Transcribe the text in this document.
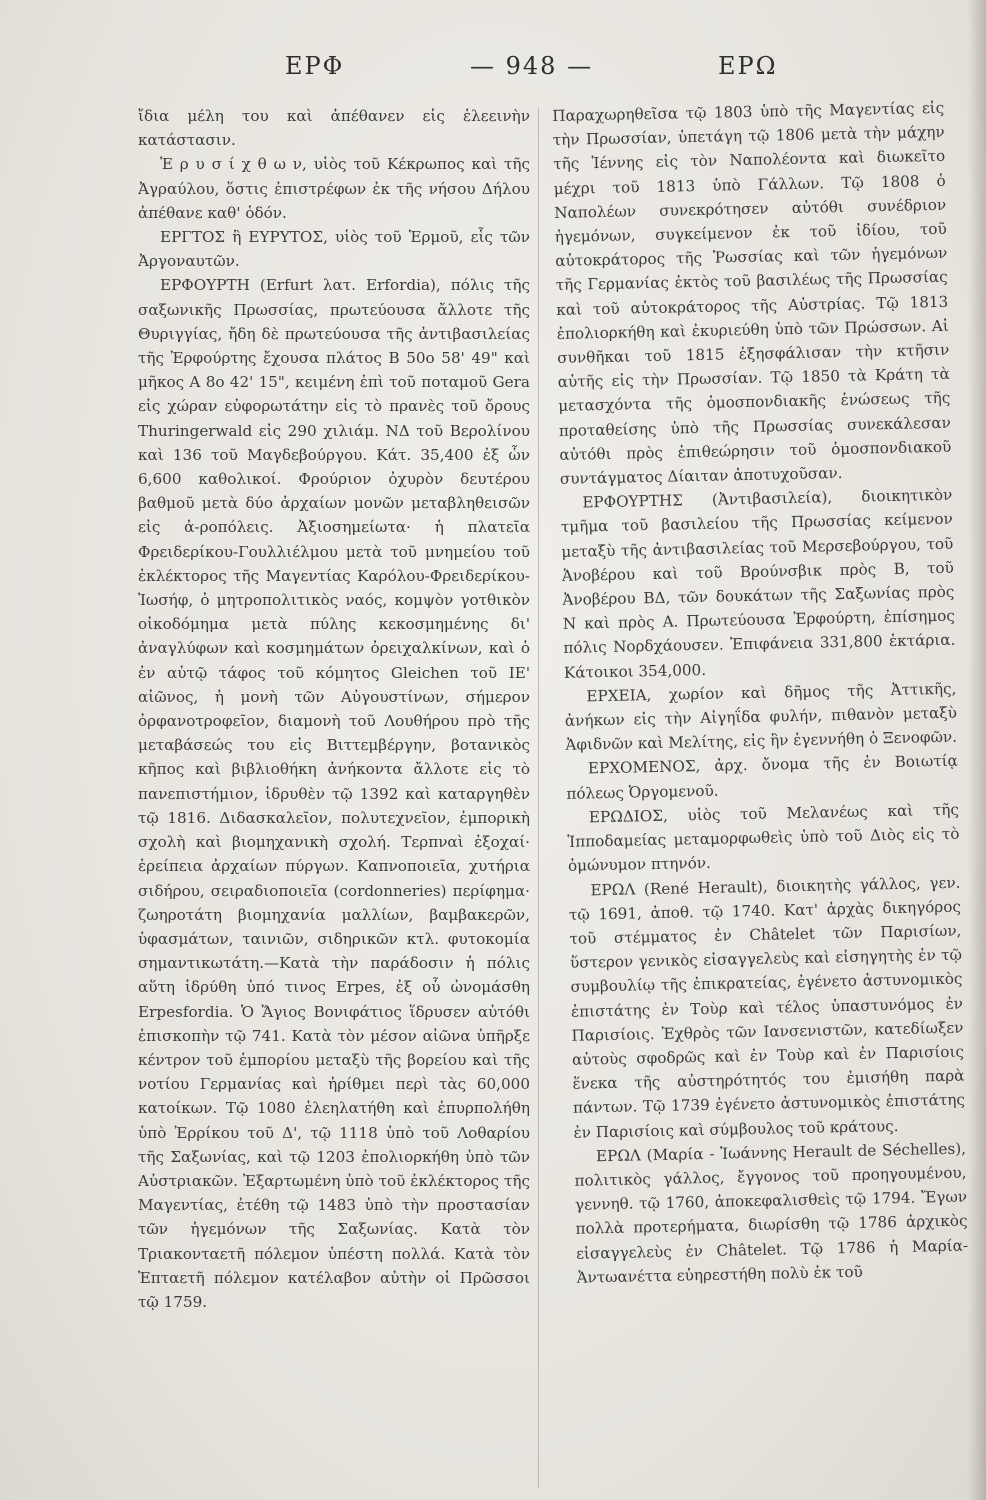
ΕΡΦ	— 948 —	ΕΡΩ

ἴδια μέλη του καὶ ἀπέθανεν εἰς ἐλεεινὴν κατάστασιν.

Ἐ ρ υ σ ί χ θ ω ν, υἱὸς τοῦ Κέκρωπος καὶ τῆς Ἀγραύλου, ὅστις ἐπιστρέφων ἐκ τῆς νήσου Δήλου ἀπέθανε καθ' ὁδόν.

ΕΡΓΤΟΣ ἢ ΕΥΡΥΤΟΣ, υἱὸς τοῦ Ἑρμοῦ, εἷς τῶν Ἀργοναυτῶν.

ΕΡΦΟΥΡΤΗ (Erfurt λατ. Erfordia), πόλις τῆς σαξωνικῆς Πρωσσίας, πρωτεύουσα ἄλλοτε τῆς Θυριγγίας, ἤδη δὲ πρωτεύουσα τῆς ἀντιβασιλείας τῆς Ἐρφούρτης ἔχουσα πλάτος Β 50ο 58' 49" καὶ μῆκος Α 8ο 42' 15", κειμένη ἐπὶ τοῦ ποταμοῦ Gera εἰς χώραν εὐφορωτάτην εἰς τὸ πρανὲς τοῦ ὄρους Thuringerwald εἰς 290 χιλιάμ. ΝΔ τοῦ Βερολίνου καὶ 136 τοῦ Μαγδεβούργου. Κάτ. 35,400 ἐξ ὧν 6,600 καθολικοί. Φρούριον ὀχυρὸν δευτέρου βαθμοῦ μετὰ δύο ἀρχαίων μονῶν μεταβληθεισῶν εἰς ἀ-ροπόλεις. Ἀξιοσημείωτα· ἡ πλατεῖα Φρειδερίκου-Γουλλιέλμου μετὰ τοῦ μνημείου τοῦ ἐκλέκτορος τῆς Μαγεντίας Καρόλου-Φρειδερίκου-Ἰωσήφ, ὁ μητροπολιτικὸς ναός, κομψὸν γοτθικὸν οἰκοδόμημα μετὰ πύλης κεκοσμημένης δι' ἀναγλύφων καὶ κοσμημάτων ὀρειχαλκίνων, καὶ ὁ ἐν αὐτῷ τάφος τοῦ κόμητος Gleichen τοῦ ΙΕ' αἰῶνος, ἡ μονὴ τῶν Αὐγουστίνων, σήμερον ὀρφανοτροφεῖον, διαμονὴ τοῦ Λουθήρου πρὸ τῆς μεταβάσεώς του εἰς Βιττεμβέργην, βοτανικὸς κῆπος καὶ βιβλιοθήκη ἀνήκοντα ἄλλοτε εἰς τὸ πανεπιστήμιον, ἱδρυθὲν τῷ 1392 καὶ καταργηθὲν τῷ 1816. Διδασκαλεῖον, πολυτεχνεῖον, ἐμπορικὴ σχολὴ καὶ βιομηχανικὴ σχολή. Τερπναὶ ἐξοχαί· ἐρείπεια ἀρχαίων πύργων. Καπνοποιεῖα, χυτήρια σιδήρου, σειραδιοποιεῖα (cordonneries) περίφημα· ζωηροτάτη βιομηχανία μαλλίων, βαμβακερῶν, ὑφασμάτων, ταινιῶν, σιδηρικῶν κτλ. φυτοκομία σημαντικωτάτη.—Κατὰ τὴν παράδοσιν ἡ πόλις αὕτη ἱδρύθη ὑπό τινος Erpes, ἐξ οὗ ὠνομάσθη Erpesfordia. Ὁ Ἅγιος Βονιφάτιος ἵδρυσεν αὐτόθι ἐπισκοπὴν τῷ 741. Κατὰ τὸν μέσον αἰῶνα ὑπῆρξε κέντρον τοῦ ἐμπορίου μεταξὺ τῆς βορείου καὶ τῆς νοτίου Γερμανίας καὶ ἠρίθμει περὶ τὰς 60,000 κατοίκων. Τῷ 1080 ἐλεηλατήθη καὶ ἐπυρπολήθη ὑπὸ Ἐρρίκου τοῦ Δ', τῷ 1118 ὑπὸ τοῦ Λοθαρίου τῆς Σαξωνίας, καὶ τῷ 1203 ἐπολιορκήθη ὑπὸ τῶν Αὐστριακῶν. Ἐξαρτωμένη ὑπὸ τοῦ ἐκλέκτορος τῆς Μαγεντίας, ἐτέθη τῷ 1483 ὑπὸ τὴν προστασίαν τῶν ἡγεμόνων τῆς Σαξωνίας. Κατὰ τὸν Τριακονταετῆ πόλεμον ὑπέστη πολλά. Κατὰ τὸν Ἑπταετῆ πόλεμον κατέλαβον αὐτὴν οἱ Πρῶσσοι τῷ 1759.

Παραχωρηθεῖσα τῷ 1803 ὑπὸ τῆς Μαγεντίας εἰς τὴν Πρωσσίαν, ὑπετάγη τῷ 1806 μετὰ τὴν μάχην τῆς Ἰέννης εἰς τὸν Ναπολέοντα καὶ διωκεῖτο μέχρι τοῦ 1813 ὑπὸ Γάλλων. Τῷ 1808 ὁ Ναπολέων συνεκρότησεν αὐτόθι συνέδριον ἡγεμόνων, συγκείμενον ἐκ τοῦ ἰδίου, τοῦ αὐτοκράτορος τῆς Ῥωσσίας καὶ τῶν ἡγεμόνων τῆς Γερμανίας ἐκτὸς τοῦ βασιλέως τῆς Πρωσσίας καὶ τοῦ αὐτοκράτορος τῆς Αὐστρίας. Τῷ 1813 ἐπολιορκήθη καὶ ἐκυριεύθη ὑπὸ τῶν Πρώσσων. Αἱ συνθῆκαι τοῦ 1815 ἐξησφάλισαν τὴν κτῆσιν αὐτῆς εἰς τὴν Πρωσσίαν. Τῷ 1850 τὰ Κράτη τὰ μετασχόντα τῆς ὁμοσπονδιακῆς ἑνώσεως τῆς προταθείσης ὑπὸ τῆς Πρωσσίας συνεκάλεσαν αὐτόθι πρὸς ἐπιθεώρησιν τοῦ ὁμοσπονδιακοῦ συντάγματος Δίαιταν ἀποτυχοῦσαν.

ΕΡΦΟΥΡΤΗΣ (Ἀντιβασιλεία), διοικητικὸν τμῆμα τοῦ βασιλείου τῆς Πρωσσίας κείμενον μεταξὺ τῆς ἀντιβασιλείας τοῦ Μερσεβούργου, τοῦ Ἀνοβέρου καὶ τοῦ Βρούνσβικ πρὸς Β, τοῦ Ἀνοβέρου ΒΔ, τῶν δουκάτων τῆς Σαξωνίας πρὸς Ν καὶ πρὸς Α. Πρωτεύουσα Ἐρφούρτη, ἐπίσημος πόλις Νορδχάουσεν. Ἐπιφάνεια 331,800 ἑκτάρια. Κάτοικοι 354,000.

ΕΡΧΕΙΑ, χωρίον καὶ δῆμος τῆς Ἀττικῆς, ἀνήκων εἰς τὴν Αἰγηΐδα φυλήν, πιθανὸν μεταξὺ Ἀφιδνῶν καὶ Μελίτης, εἰς ἣν ἐγεννήθη ὁ Ξενοφῶν.

ΕΡΧΟΜΕΝΟΣ, ἀρχ. ὄνομα τῆς ἐν Βοιωτίᾳ πόλεως Ὀργομενοῦ.

ΕΡΩΔΙΟΣ, υἱὸς τοῦ Μελανέως καὶ τῆς Ἱπποδαμείας μεταμορφωθεὶς ὑπὸ τοῦ Διὸς εἰς τὸ ὁμώνυμον πτηνόν.

ΕΡΩΛ (René Herault), διοικητὴς γάλλος, γεν. τῷ 1691, ἀποθ. τῷ 1740. Κατ' ἀρχὰς δικηγόρος τοῦ στέμματος ἐν Châtelet τῶν Παρισίων, ὕστερον γενικὸς εἰσαγγελεὺς καὶ εἰσηγητὴς ἐν τῷ συμβουλίῳ τῆς ἐπικρατείας, ἐγένετο ἀστυνομικὸς ἐπιστάτης ἐν Τοὺρ καὶ τέλος ὑπαστυνόμος ἐν Παρισίοις. Ἐχθρὸς τῶν Ιανσενιστῶν, κατεδίωξεν αὐτοὺς σφοδρῶς καὶ ἐν Τοὺρ καὶ ἐν Παρισίοις ἕνεκα τῆς αὐστηρότητός του ἐμισήθη παρὰ πάντων. Τῷ 1739 ἐγένετο ἀστυνομικὸς ἐπιστάτης ἐν Παρισίοις καὶ σύμβουλος τοῦ κράτους.

ΕΡΩΛ (Μαρία - Ἰωάννης Herault de Séchelles), πολιτικὸς γάλλος, ἔγγονος τοῦ προηγουμένου, γεννηθ. τῷ 1760, ἀποκεφαλισθεὶς τῷ 1794. Ἔγων πολλὰ προτερήματα, διωρίσθη τῷ 1786 ἀρχικὸς εἰσαγγελεὺς ἐν Châtelet. Τῷ 1786 ἡ Μαρία-Ἀντωανέττα εὐηρεστήθη πολὺ ἐκ τοῦ
